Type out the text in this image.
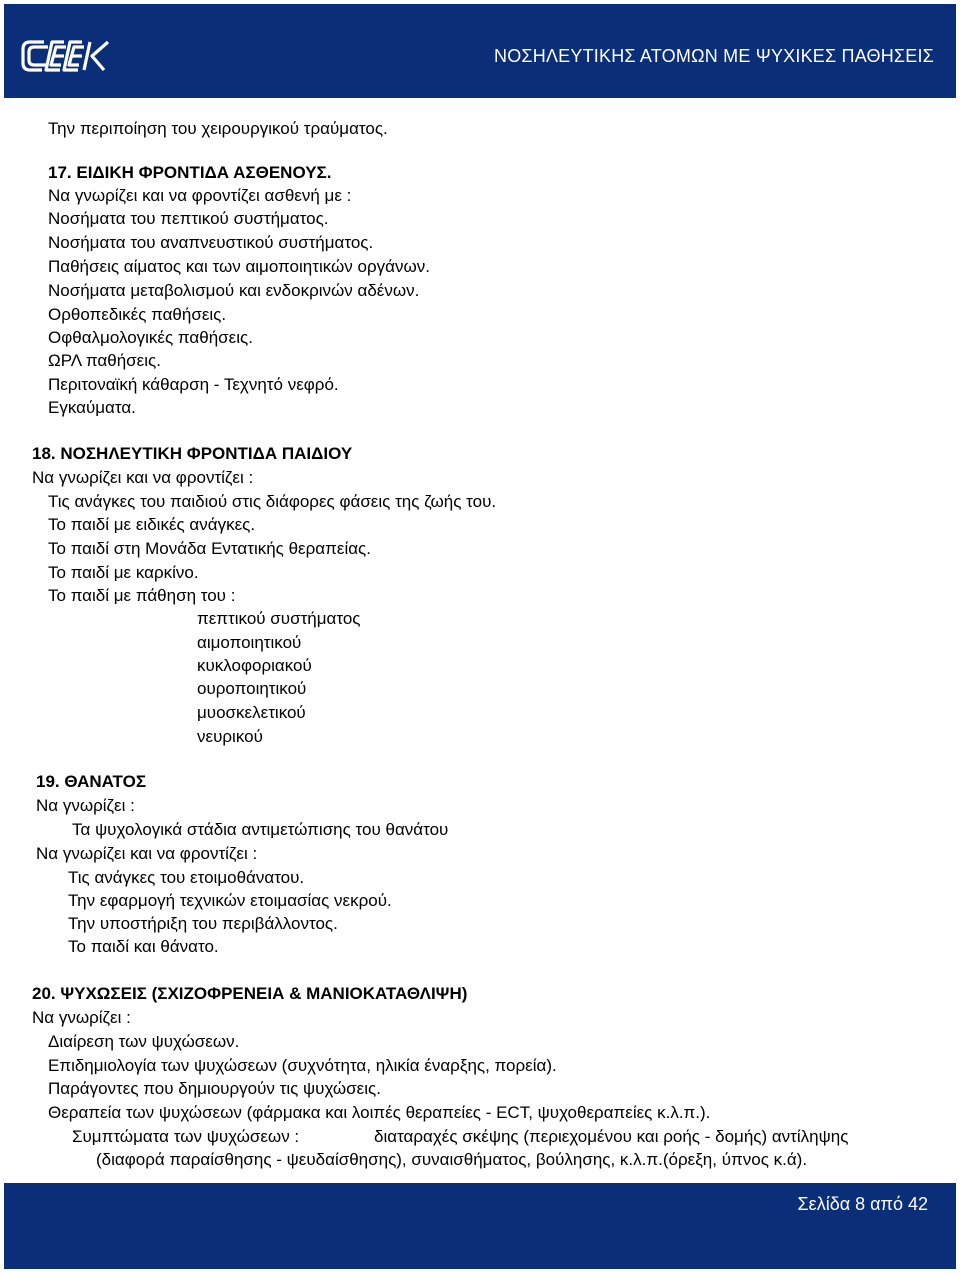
ΝΟΣΗΛΕΥΤΙΚΗΣ ΑΤΟΜΩΝ ΜΕ ΨΥΧΙΚΕΣ ΠΑΘΗΣΕΙΣ
Την περιποίηση του χειρουργικού τραύματος.
17. ΕΙΔΙΚΗ ΦΡΟΝΤΙΔΑ ΑΣΘΕΝΟΥΣ.
Να γνωρίζει και να φροντίζει ασθενή με :
Νοσήματα του πεπτικού συστήματος.
Νοσήματα του αναπνευστικού συστήματος.
Παθήσεις αίματος και των αιμοποιητικών οργάνων.
Νοσήματα μεταβολισμού και ενδοκρινών αδένων.
Ορθοπεδικές παθήσεις.
Οφθαλμολογικές παθήσεις.
ΩΡΛ παθήσεις.
Περιτοναϊκή κάθαρση - Τεχνητό νεφρό.
Εγκαύματα.
18. ΝΟΣΗΛΕΥΤΙΚΗ ΦΡΟΝΤΙΔΑ ΠΑΙΔΙΟΥ
Να γνωρίζει και να φροντίζει :
Τις ανάγκες του παιδιού στις διάφορες φάσεις της ζωής του.
Το παιδί με ειδικές ανάγκες.
Το παιδί στη Μονάδα Εντατικής θεραπείας.
Το παιδί με καρκίνο.
Το παιδί με πάθηση του :
πεπτικού συστήματος
αιμοποιητικού
κυκλοφοριακού
ουροποιητικού
μυοσκελετικού
νευρικού
19. ΘΑΝΑΤΟΣ
Να γνωρίζει :
Τα ψυχολογικά στάδια αντιμετώπισης του θανάτου
Να γνωρίζει και να φροντίζει :
Τις ανάγκες του ετοιμοθάνατου.
Την εφαρμογή τεχνικών ετοιμασίας νεκρού.
Την υποστήριξη του περιβάλλοντος.
Το παιδί και θάνατο.
20. ΨΥΧΩΣΕΙΣ (ΣΧΙΖΟΦΡΕΝΕΙΑ & ΜΑΝΙΟΚΑΤΑΘΛΙΨΗ)
Να γνωρίζει :
Διαίρεση των ψυχώσεων.
Επιδημιολογία των ψυχώσεων (συχνότητα, ηλικία έναρξης, πορεία).
Παράγοντες που δημιουργούν τις ψυχώσεις.
Θεραπεία των ψυχώσεων (φάρμακα και λοιπές θεραπείες - ECT, ψυχοθεραπείες κ.λ.π.).
Συμπτώματα των ψυχώσεων :	διαταραχές σκέψης (περιεχομένου και ροής - δομής) αντίληψης
(διαφορά παραίσθησης - ψευδαίσθησης), συναισθήματος, βούλησης, κ.λ.π.(όρεξη, ύπνος κ.ά).
Σελίδα 8 από 42
